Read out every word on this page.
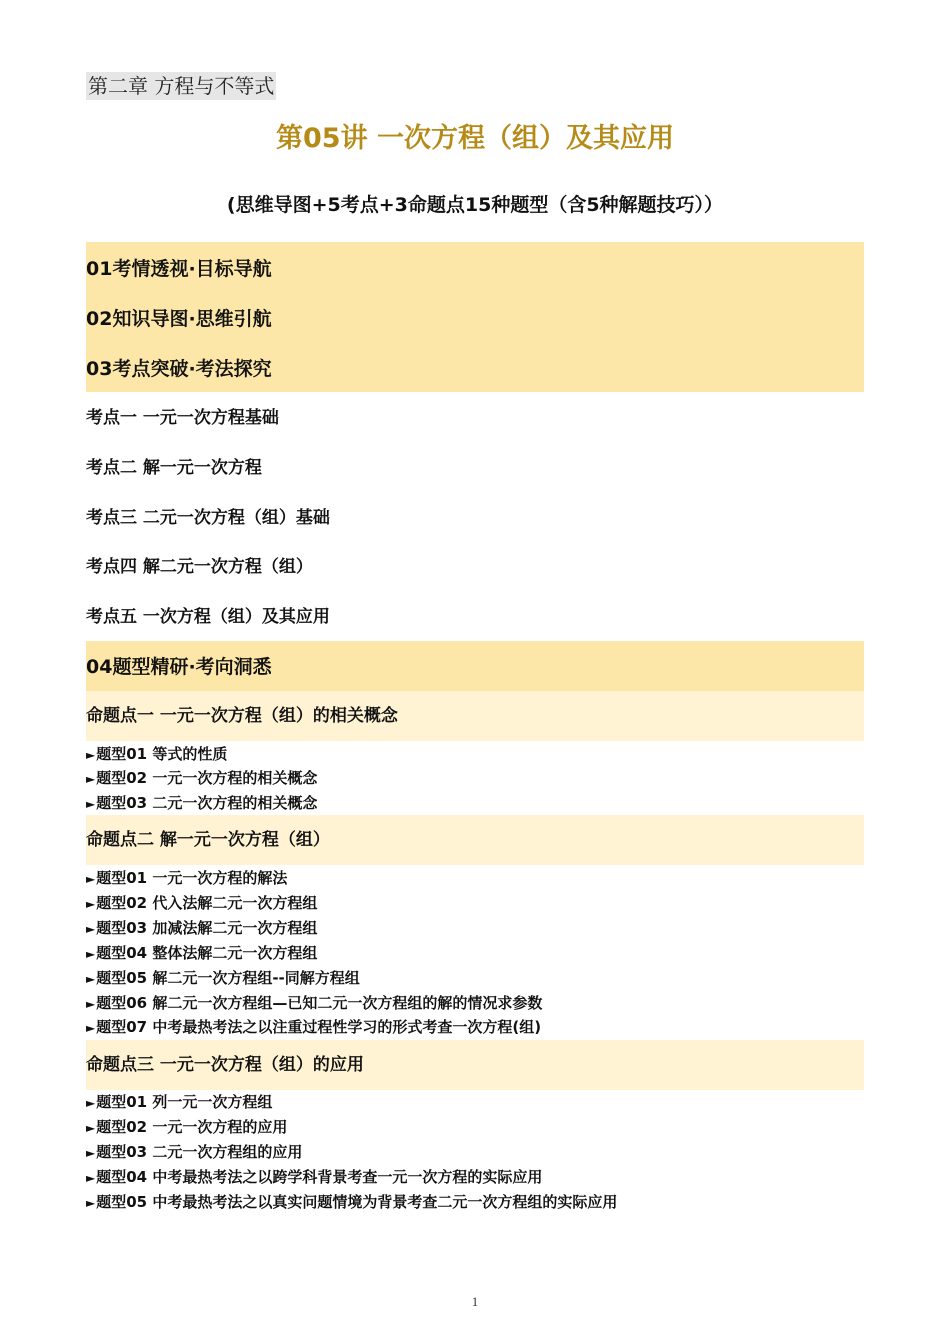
第二章 方程与不等式
第05讲 一次方程（组）及其应用
(思维导图+5考点+3命题点15种题型（含5种解题技巧））
01考情透视·目标导航
02知识导图·思维引航
03考点突破·考法探究
考点一 一元一次方程基础
考点二 解一元一次方程
考点三 二元一次方程（组）基础
考点四 解二元一次方程（组）
考点五 一次方程（组）及其应用
04题型精研·考向洞悉
命题点一 一元一次方程（组）的相关概念
►题型01 等式的性质
►题型02 一元一次方程的相关概念
►题型03 二元一次方程的相关概念
命题点二 解一元一次方程（组）
►题型01 一元一次方程的解法
►题型02 代入法解二元一次方程组
►题型03 加减法解二元一次方程组
►题型04 整体法解二元一次方程组
►题型05 解二元一次方程组--同解方程组
►题型06 解二元一次方程组—已知二元一次方程组的解的情况求参数
►题型07 中考最热考法之以注重过程性学习的形式考查一次方程(组)
命题点三 一元一次方程（组）的应用
►题型01 列一元一次方程组
►题型02 一元一次方程的应用
►题型03 二元一次方程组的应用
►题型04 中考最热考法之以跨学科背景考查一元一次方程的实际应用
►题型05 中考最热考法之以真实问题情境为背景考查二元一次方程组的实际应用
1
